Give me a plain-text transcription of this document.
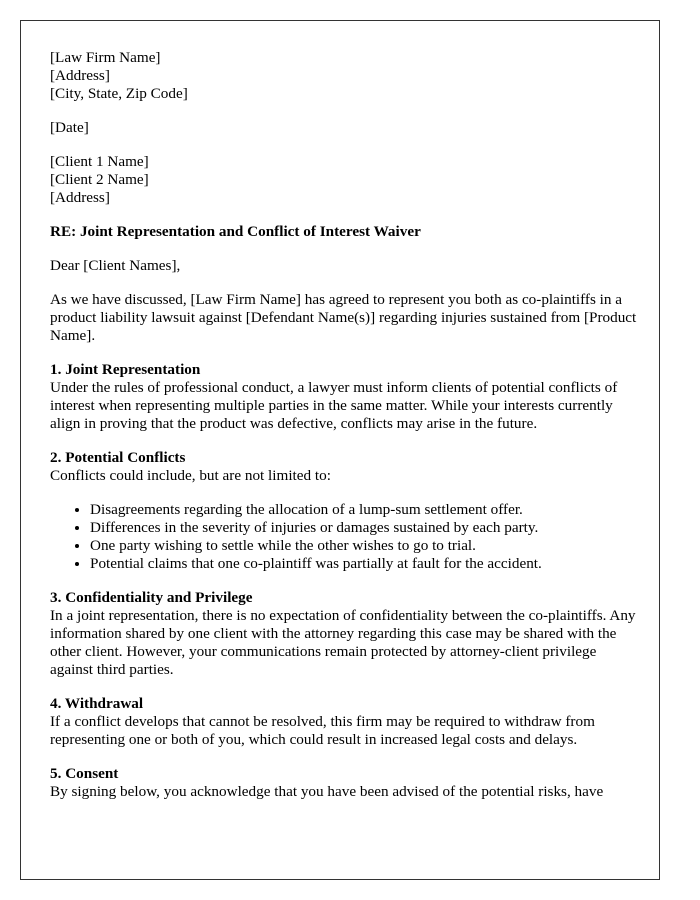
[Law Firm Name]
[Address]
[City, State, Zip Code]
[Date]
[Client 1 Name]
[Client 2 Name]
[Address]
RE: Joint Representation and Conflict of Interest Waiver

Dear [Client Names],

As we have discussed, [Law Firm Name] has agreed to represent you both as co-plaintiffs in a product liability lawsuit against [Defendant Name(s)] regarding injuries sustained from [Product Name].

1. Joint Representation
Under the rules of professional conduct, a lawyer must inform clients of potential conflicts of interest when representing multiple parties in the same matter. While your interests currently align in proving that the product was defective, conflicts may arise in the future.
2. Potential Conflicts
Conflicts could include, but are not limited to:
• Disagreements regarding the allocation of a lump-sum settlement offer.
• Differences in the severity of injuries or damages sustained by each party.
• One party wishing to settle while the other wishes to go to trial.
• Potential claims that one co-plaintiff was partially at fault for the accident.
3. Confidentiality and Privilege
In a joint representation, there is no expectation of confidentiality between the co-plaintiffs. Any information shared by one client with the attorney regarding this case may be shared with the other client. However, your communications remain protected by attorney-client privilege against third parties.
4. Withdrawal
If a conflict develops that cannot be resolved, this firm may be required to withdraw from representing one or both of you, which could result in increased legal costs and delays.
5. Consent
By signing below, you acknowledge that you have been advised of the potential risks, have
